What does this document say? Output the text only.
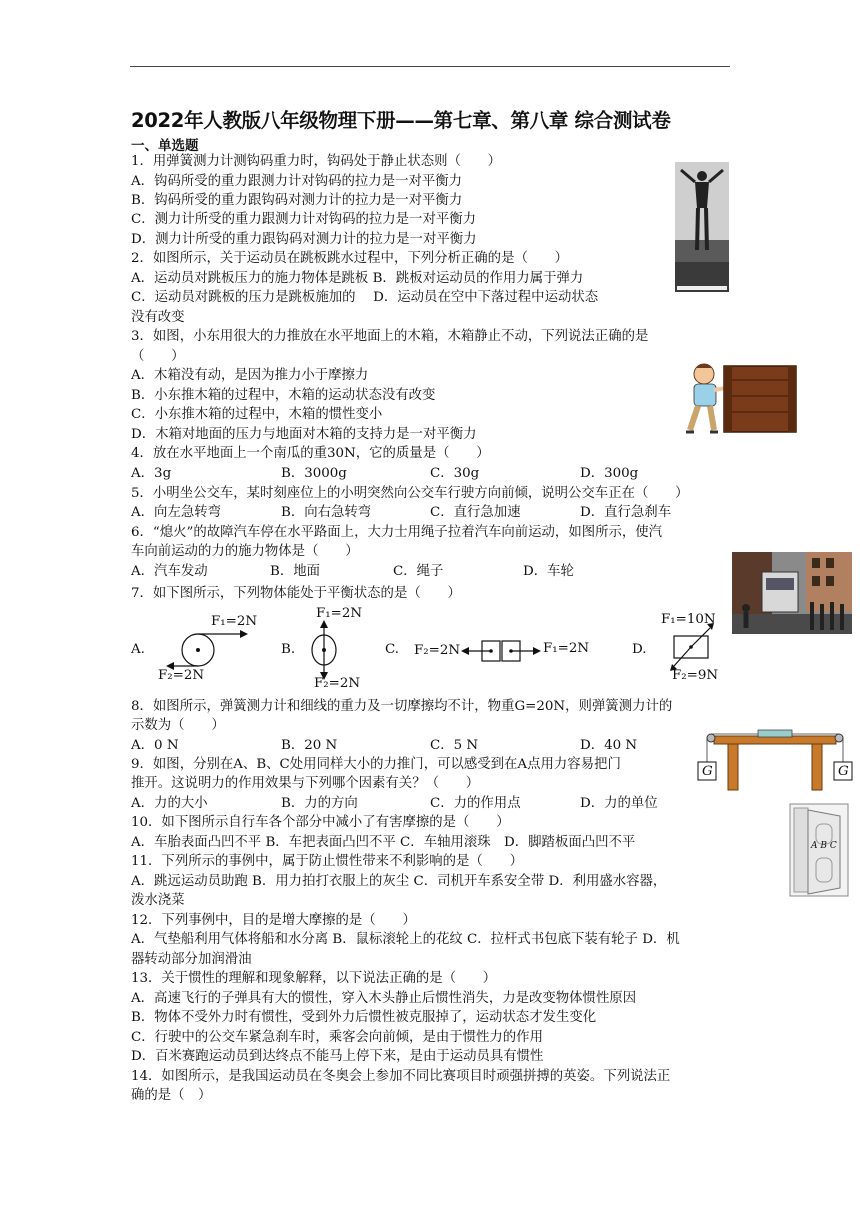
2022年人教版八年级物理下册——第七章、第八章 综合测试卷
一、单选题
1．用弹簧测力计测钩码重力时，钩码处于静止状态则（　　）
A．钩码所受的重力跟测力计对钩码的拉力是一对平衡力
B．钩码所受的重力跟钩码对测力计的拉力是一对平衡力
C．测力计所受的重力跟测力计对钩码的拉力是一对平衡力
D．测力计所受的重力跟钩码对测力计的拉力是一对平衡力
2．如图所示，关于运动员在跳板跳水过程中，下列分析正确的是（　　）
A．运动员对跳板压力的施力物体是跳板 B．跳板对运动员的作用力属于弹力
C．运动员对跳板的压力是跳板施加的　 D．运动员在空中下落过程中运动状态
没有改变
3．如图，小东用很大的力推放在水平地面上的木箱，木箱静止不动，下列说法正确的是
（　　）
A．木箱没有动，是因为推力小于摩擦力
B．小东推木箱的过程中，木箱的运动状态没有改变
C．小东推木箱的过程中，木箱的惯性变小
D．木箱对地面的压力与地面对木箱的支持力是一对平衡力
4．放在水平地面上一个南瓜的重30N，它的质量是（　　）
A．3g	B．3000g	C．30g	D．300g
5．小明坐公交车，某时刻座位上的小明突然向公交车行驶方向前倾，说明公交车正在（　　）
A．向左急转弯	B．向右急转弯	C．直行急加速	D．直行急刹车
6．“熄火”的故障汽车停在水平路面上，大力士用绳子拉着汽车向前运动，如图所示，使汽
车向前运动的力的施力物体是（　　）
A．汽车发动	B．地面	C．绳子	D．车轮
7．如下图所示，下列物体能处于平衡状态的是（　　）
A.
F₁=2N
F₂=2N
B.
F₁=2N
F₂=2N
C. F₂=2N	F₁=2N	D.
F₁=10N
F₂=9N
8．如图所示，弹簧测力计和细线的重力及一切摩擦均不计，物重G=20N，则弹簧测力计的
示数为（　　）
A．0 N	B．20 N	C．5 N	D．40 N
G	G
9．如图，分别在A、B、C处用同样大小的力推门，可以感受到在A点用力容易把门
推开。这说明力的作用效果与下列哪个因素有关？（　　）
A．力的大小	B．力的方向	C．力的作用点	D．力的单位
A B C
10．如下图所示自行车各个部分中减小了有害摩擦的是（　　）
A．车胎表面凸凹不平 B．车把表面凸凹不平 C．车轴用滚珠　D．脚踏板面凸凹不平
11．下列所示的事例中，属于防止惯性带来不利影响的是（　　）
A．跳远运动员助跑 B．用力拍打衣服上的灰尘 C．司机开车系安全带 D．利用盛水容器，
泼水浇菜
12．下列事例中，目的是增大摩擦的是（　　）
A．气垫船利用气体将船和水分离 B．鼠标滚轮上的花纹 C．拉杆式书包底下装有轮子 D．机
器转动部分加润滑油
13．关于惯性的理解和现象解释，以下说法正确的是（　　）
A．高速飞行的子弹具有大的惯性，穿入木头静止后惯性消失，力是改变物体惯性原因
B．物体不受外力时有惯性，受到外力后惯性被克服掉了，运动状态才发生变化
C．行驶中的公交车紧急刹车时，乘客会向前倾，是由于惯性力的作用
D．百米赛跑运动员到达终点不能马上停下来，是由于运动员具有惯性
14．如图所示，是我国运动员在冬奥会上参加不同比赛项目时顽强拼搏的英姿。下列说法正
确的是（　）
